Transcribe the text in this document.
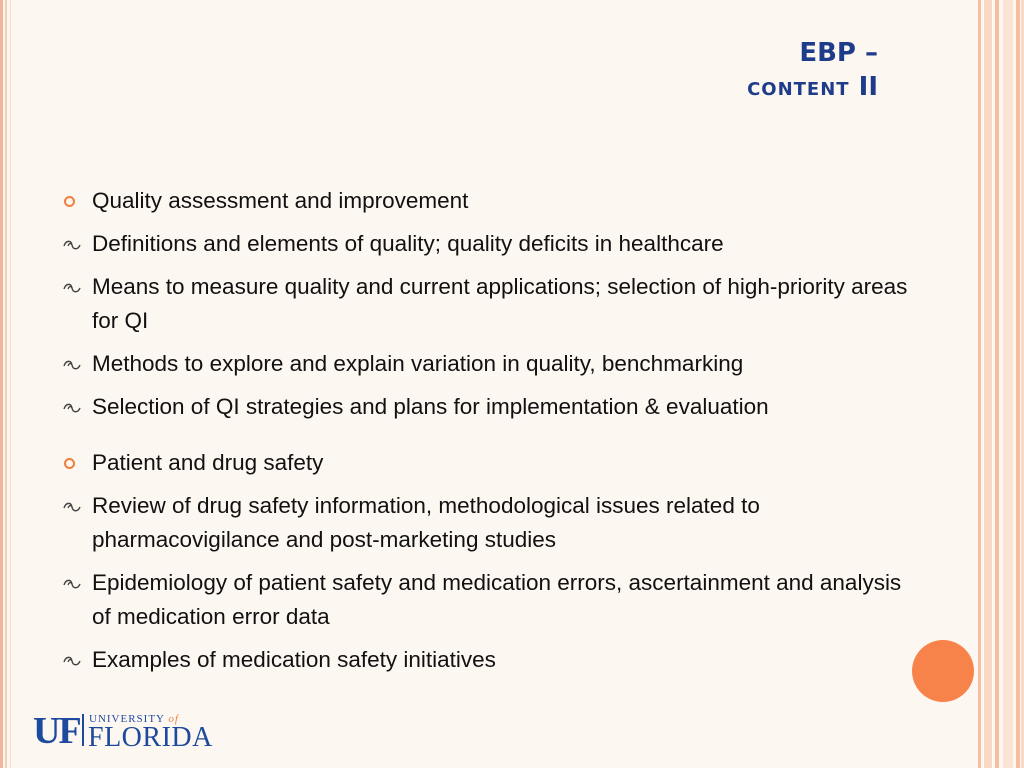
EBP –
CONTENT II
Quality assessment and improvement
Definitions and elements of quality; quality deficits in healthcare
Means to measure quality and current applications; selection of high-priority areas for QI
Methods to explore and explain variation in quality, benchmarking
Selection of QI strategies and plans for implementation & evaluation
Patient and drug safety
Review of drug safety information, methodological issues related to pharmacovigilance and post-marketing studies
Epidemiology of patient safety and medication errors, ascertainment and analysis of medication error data
Examples of medication safety initiatives
UF UNIVERSITY of
FLORIDA
